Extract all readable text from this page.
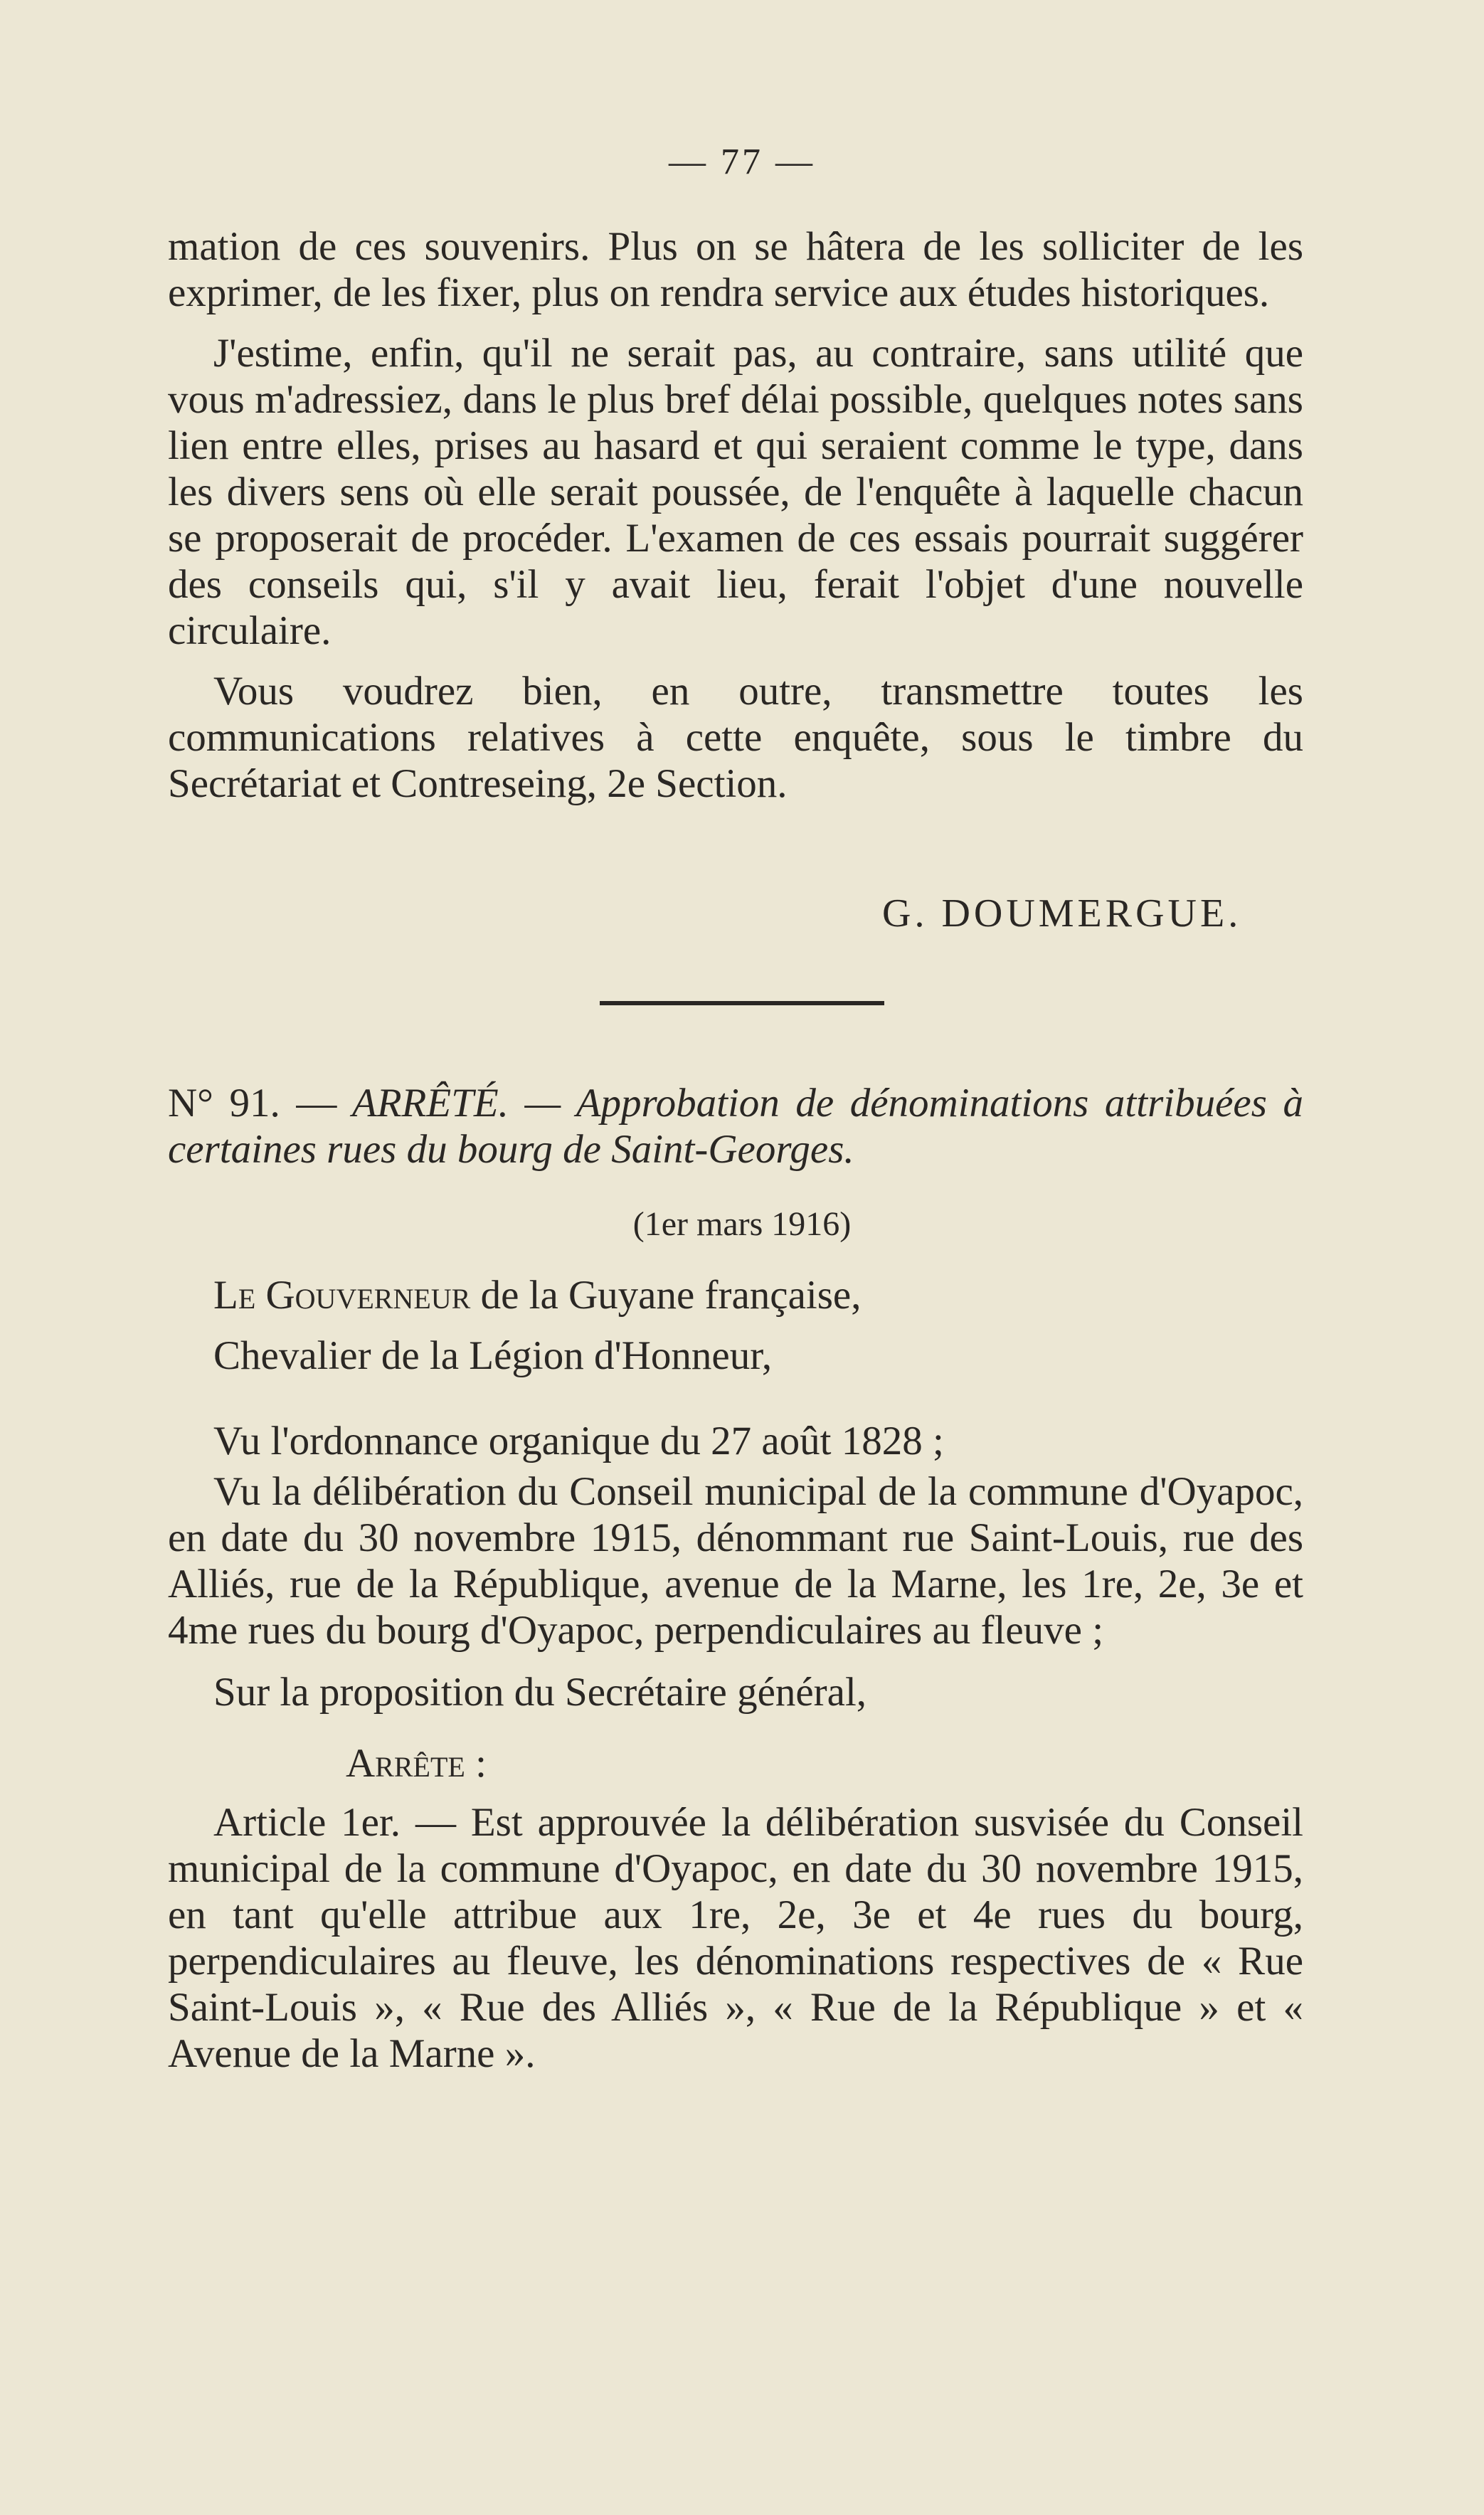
— 77 —

mation de ces souvenirs. Plus on se hâtera de les solliciter de les exprimer, de les fixer, plus on rendra service aux études historiques.

J'estime, enfin, qu'il ne serait pas, au contraire, sans utilité que vous m'adressiez, dans le plus bref délai possible, quelques notes sans lien entre elles, prises au hasard et qui seraient comme le type, dans les divers sens où elle serait poussée, de l'enquête à laquelle chacun se proposerait de procéder. L'examen de ces essais pourrait suggérer des conseils qui, s'il y avait lieu, ferait l'objet d'une nouvelle circulaire.

Vous voudrez bien, en outre, transmettre toutes les communications relatives à cette enquête, sous le timbre du Secrétariat et Contreseing, 2e Section.

G. DOUMERGUE.

N° 91. — ARRÊTÉ. — Approbation de dénominations attribuées à certaines rues du bourg de Saint-Georges.

(1er mars 1916)

Le Gouverneur de la Guyane française,

Chevalier de la Légion d'Honneur,

Vu l'ordonnance organique du 27 août 1828 ;

Vu la délibération du Conseil municipal de la commune d'Oyapoc, en date du 30 novembre 1915, dénommant rue Saint-Louis, rue des Alliés, rue de la République, avenue de la Marne, les 1re, 2e, 3e et 4me rues du bourg d'Oyapoc, perpendiculaires au fleuve ;

Sur la proposition du Secrétaire général,

Arrête :

Article 1er. — Est approuvée la délibération susvisée du Conseil municipal de la commune d'Oyapoc, en date du 30 novembre 1915, en tant qu'elle attribue aux 1re, 2e, 3e et 4e rues du bourg, perpendiculaires au fleuve, les dénominations respectives de « Rue Saint-Louis », « Rue des Alliés », « Rue de la République » et « Avenue de la Marne ».
